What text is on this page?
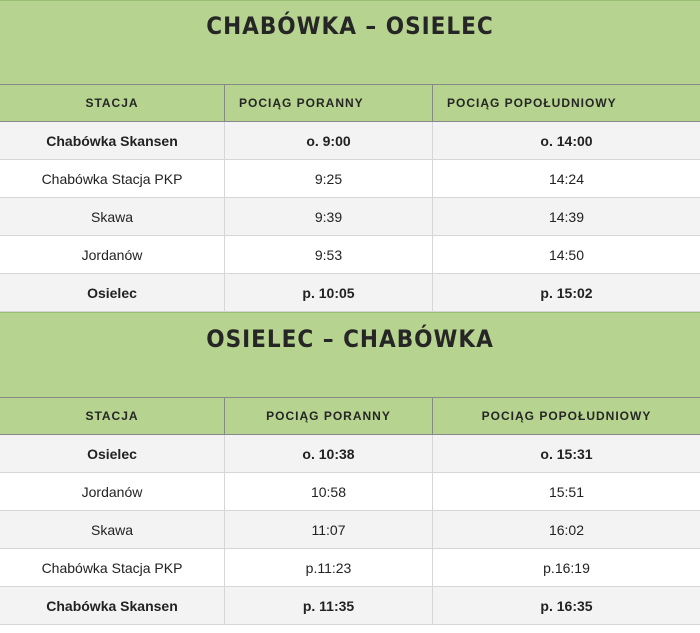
CHABÓWKA – OSIELEC
STACJA	POCIĄG PORANNY	POCIĄG POPOŁUDNIOWY
Chabówka Skansen	o. 9:00	o. 14:00
Chabówka Stacja PKP	9:25	14:24
Skawa	9:39	14:39
Jordanów	9:53	14:50
Osielec	p. 10:05	p. 15:02
OSIELEC – CHABÓWKA
STACJA	POCIĄG PORANNY	POCIĄG POPOŁUDNIOWY
Osielec	o. 10:38	o. 15:31
Jordanów	10:58	15:51
Skawa	11:07	16:02
Chabówka Stacja PKP	p.11:23	p.16:19
Chabówka Skansen	p. 11:35	p. 16:35
